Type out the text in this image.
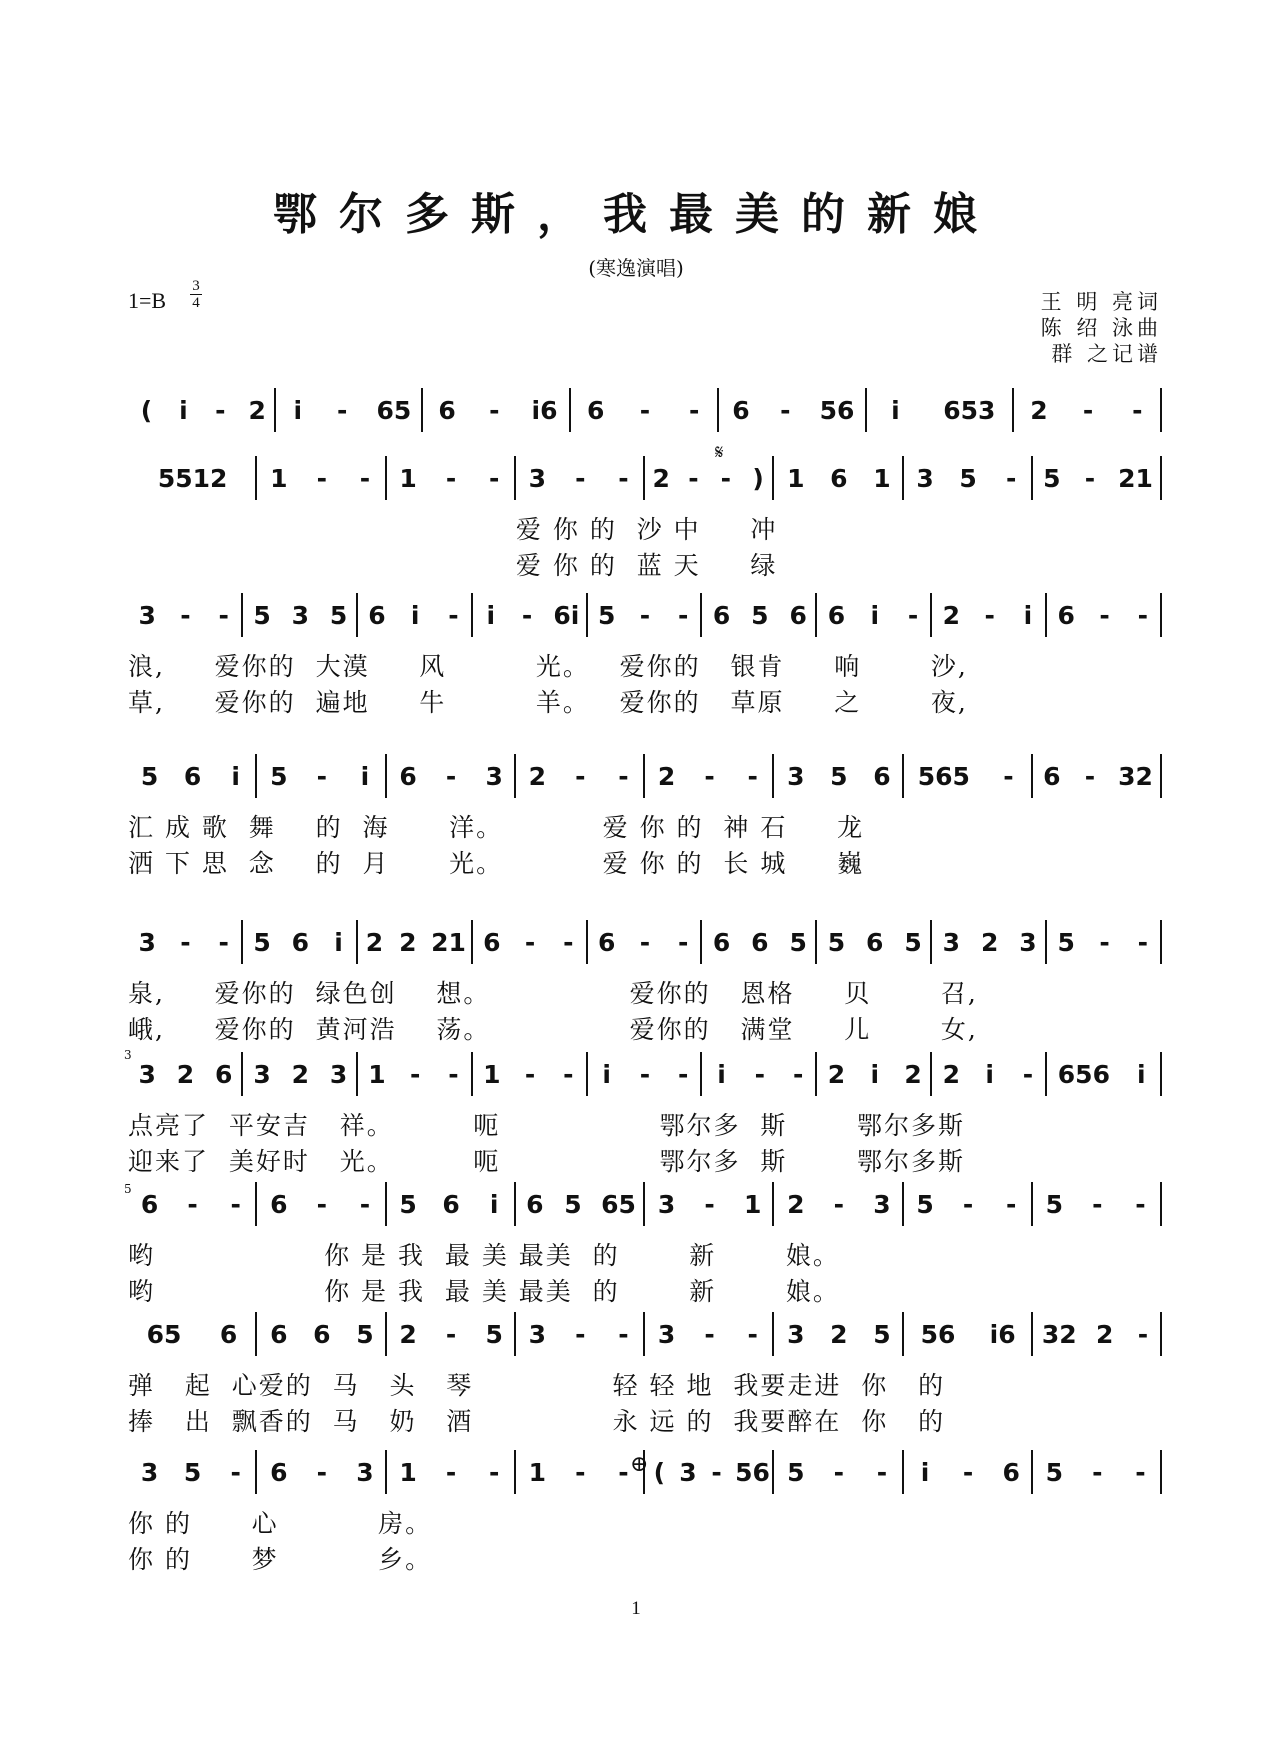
鄂尔多斯，我最美的新娘
(寒逸演唱)
1=B
3
4	王 明 亮词
陈 绍 泳曲
群 之记谱
( i - 2 i - 65 6 - i6 6 - - 6 - 56 i 653 2 - -
5512 1 - - 1 - - 3 - - 2 - - ) 1 6 1 3 5 - 5 - 21
爱 你 的  沙 中     冲
爱 你 的  蓝 天     绿
3 - - 5 3 5 6 i - i - 6i 5 - - 6 5 6 6 i - 2 - i 6 - -
浪,     爱你的  大漠     风         光。   爱你的   银肯     响       沙,
草,     爱你的  遍地     牛         羊。   爱你的   草原     之       夜,
5 6 i 5 - i 6 - 3 2 - - 2 - - 3 5 6 565 - 6 - 32
汇 成 歌  舞    的  海      洋。          爱 你 的  神 石     龙
洒 下 思  念    的  月      光。          爱 你 的  长 城     巍
3 - - 5 6 i 2 2 21 6 - - 6 - - 6 6 5 5 6 5 3 2 3 5 - -
泉,     爱你的  绿色创    想。              爱你的   恩格     贝       召,
峨,     爱你的  黄河浩    荡。              爱你的   满堂     儿       女,
3 2 6 3 2 3 1 - - 1 - - i - - i - - 2 i 2 2 i - 656 i
点亮了  平安吉   祥。        呃                鄂尔多  斯       鄂尔多斯
迎来了  美好时   光。        呃                鄂尔多  斯       鄂尔多斯
6 - - 6 - - 5 6 i 6 5 65 3 - 1 2 - 3 5 - - 5 - -
哟                 你 是 我  最 美 最美  的       新       娘。
哟                 你 是 我  最 美 最美  的       新       娘。
65 6 6 6 5 2 - 5 3 - - 3 - - 3 2 5 56 i6 32 2 -
弹   起  心爱的  马   头   琴              轻 轻 地  我要走进  你   的
捧   出  飘香的  马   奶   酒              永 远 的  我要醉在  你   的
3 5 - 6 - 3 1 - - 1 - - ( 3 - 56 5 - - i - 6 5 - -
你 的      心          房。
你 的      梦          乡。
𝄋
⊕
3
5
1
